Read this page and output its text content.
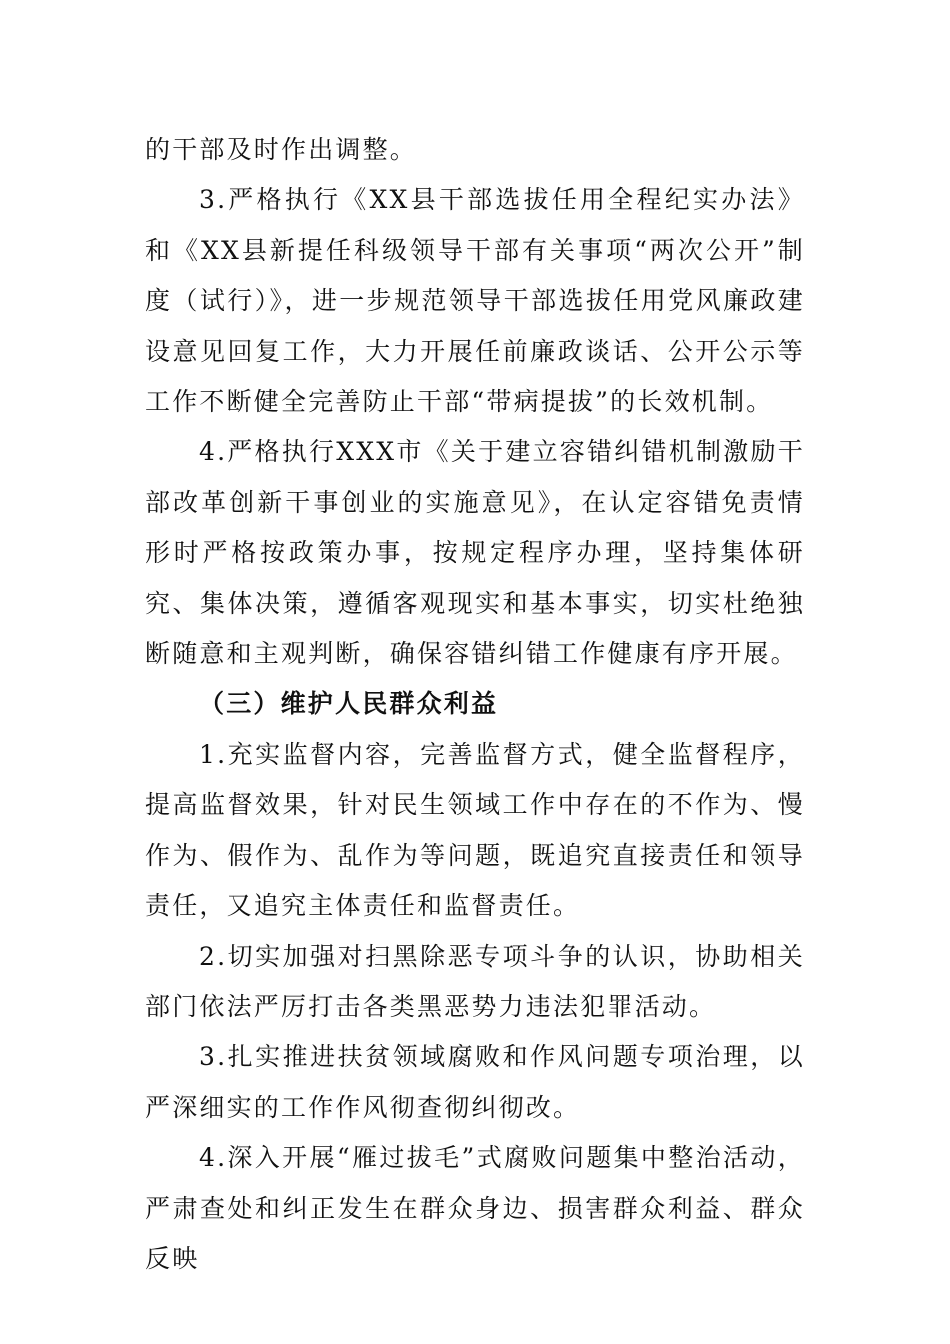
的干部及时作出调整。

3.严格执行《XX县干部选拔任用全程纪实办法》和《XX县新提任科级领导干部有关事项“两次公开”制度（试行）》，进一步规范领导干部选拔任用党风廉政建设意见回复工作，大力开展任前廉政谈话、公开公示等工作不断健全完善防止干部“带病提拔”的长效机制。

4.严格执行XXX市《关于建立容错纠错机制激励干部改革创新干事创业的实施意见》，在认定容错免责情形时严格按政策办事，按规定程序办理，坚持集体研究、集体决策，遵循客观现实和基本事实，切实杜绝独断随意和主观判断，确保容错纠错工作健康有序开展。

（三）维护人民群众利益

1.充实监督内容，完善监督方式，健全监督程序，提高监督效果，针对民生领域工作中存在的不作为、慢作为、假作为、乱作为等问题，既追究直接责任和领导责任，又追究主体责任和监督责任。

2.切实加强对扫黑除恶专项斗争的认识，协助相关部门依法严厉打击各类黑恶势力违法犯罪活动。

3.扎实推进扶贫领域腐败和作风问题专项治理，以严深细实的工作作风彻查彻纠彻改。

4.深入开展“雁过拔毛”式腐败问题集中整治活动，严肃查处和纠正发生在群众身边、损害群众利益、群众反映
